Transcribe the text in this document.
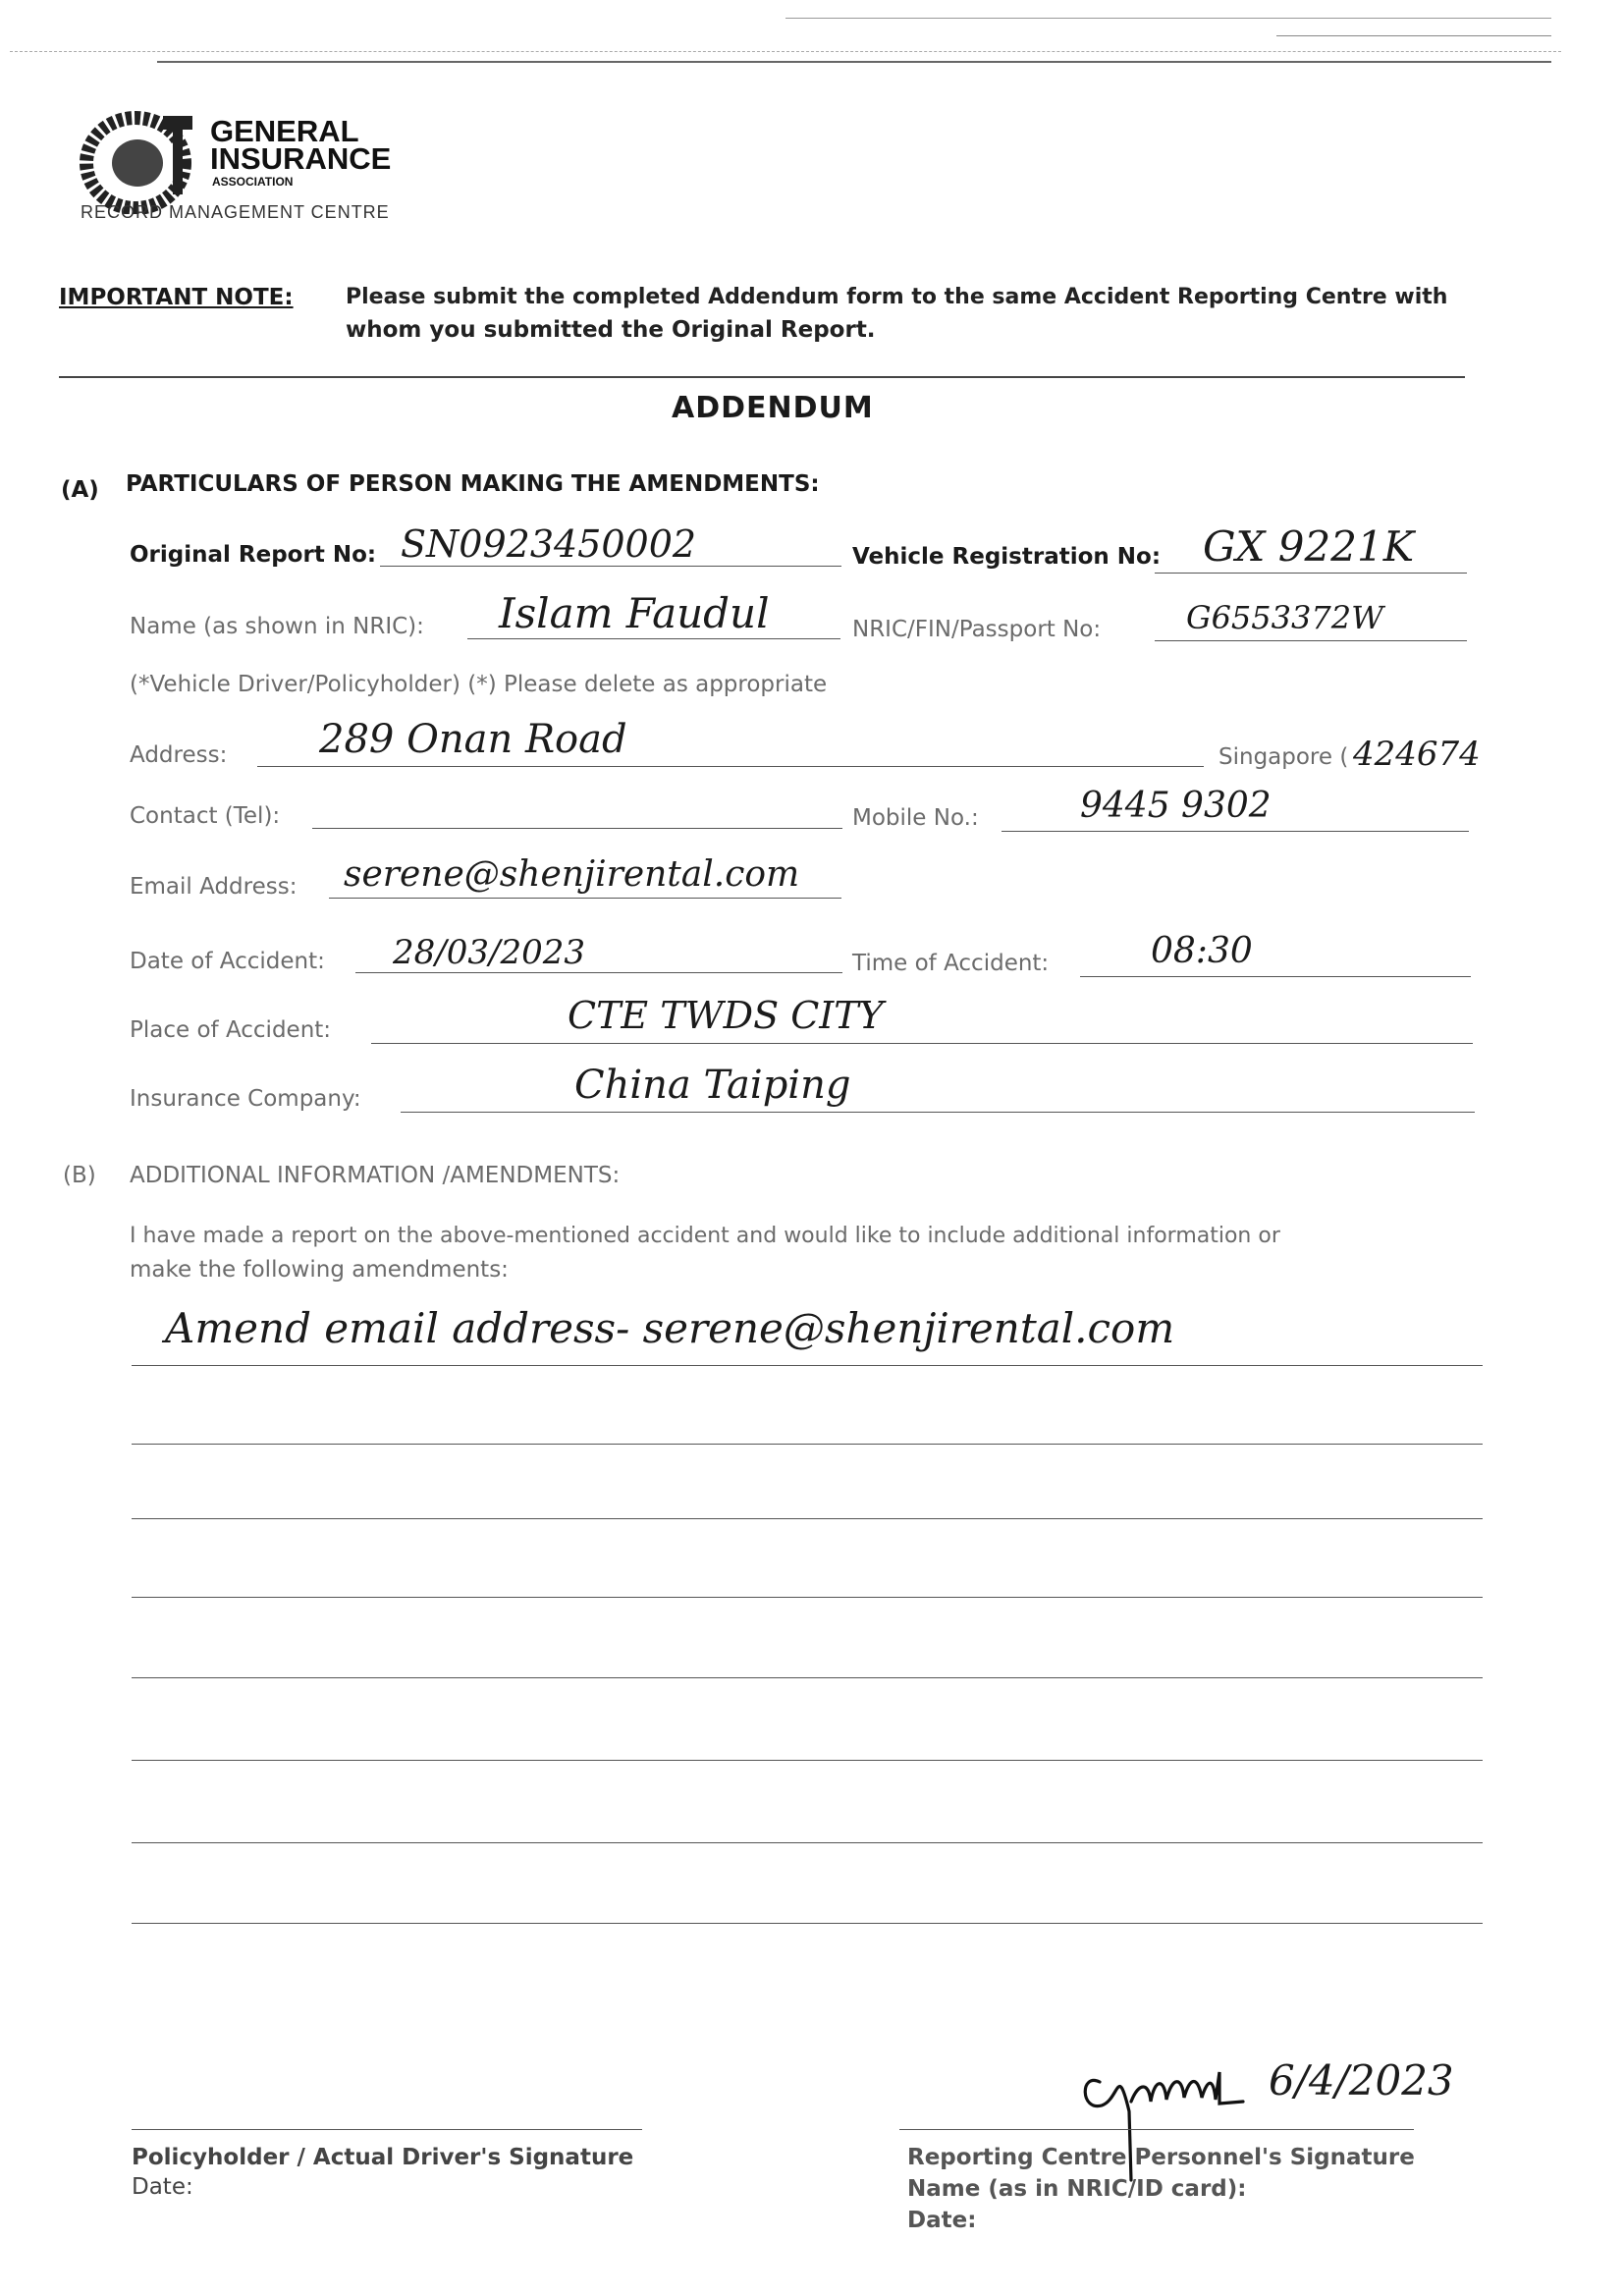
GENERAL
INSURANCE
ASSOCIATION
RECORD MANAGEMENT CENTRE
IMPORTANT NOTE: Please submit the completed Addendum form to the same Accident Reporting Centre with
whom you submitted the Original Report.
ADDENDUM
(A) PARTICULARS OF PERSON MAKING THE AMENDMENTS:
Original Report No: SN0923450002	Vehicle Registration No: GX 9221K
Name (as shown in NRIC): Islam Faudul	NRIC/FIN/Passport No:	G6553372W
(*Vehicle Driver/Policyholder) (*) Please delete as appropriate
Address: 289 Onan Road	Singapore ( 424674
Contact (Tel):	Mobile No.:	9445 9302
Email Address: serene@shenjirental.com
Date of Accident: 28/03/2023	Time of Accident:	08:30
Place of Accident:	CTE TWDS CITY
Insurance Company:	China Taiping
(B) ADDITIONAL INFORMATION /AMENDMENTS:
I have made a report on the above-mentioned accident and would like to include additional information or
make the following amendments:
Amend email address- serene@shenjirental.com
Policyholder / Actual Driver's Signature
Date:
6/4/2023
Reporting Centre Personnel's Signature
Name (as in NRIC/ID card):
Date:
